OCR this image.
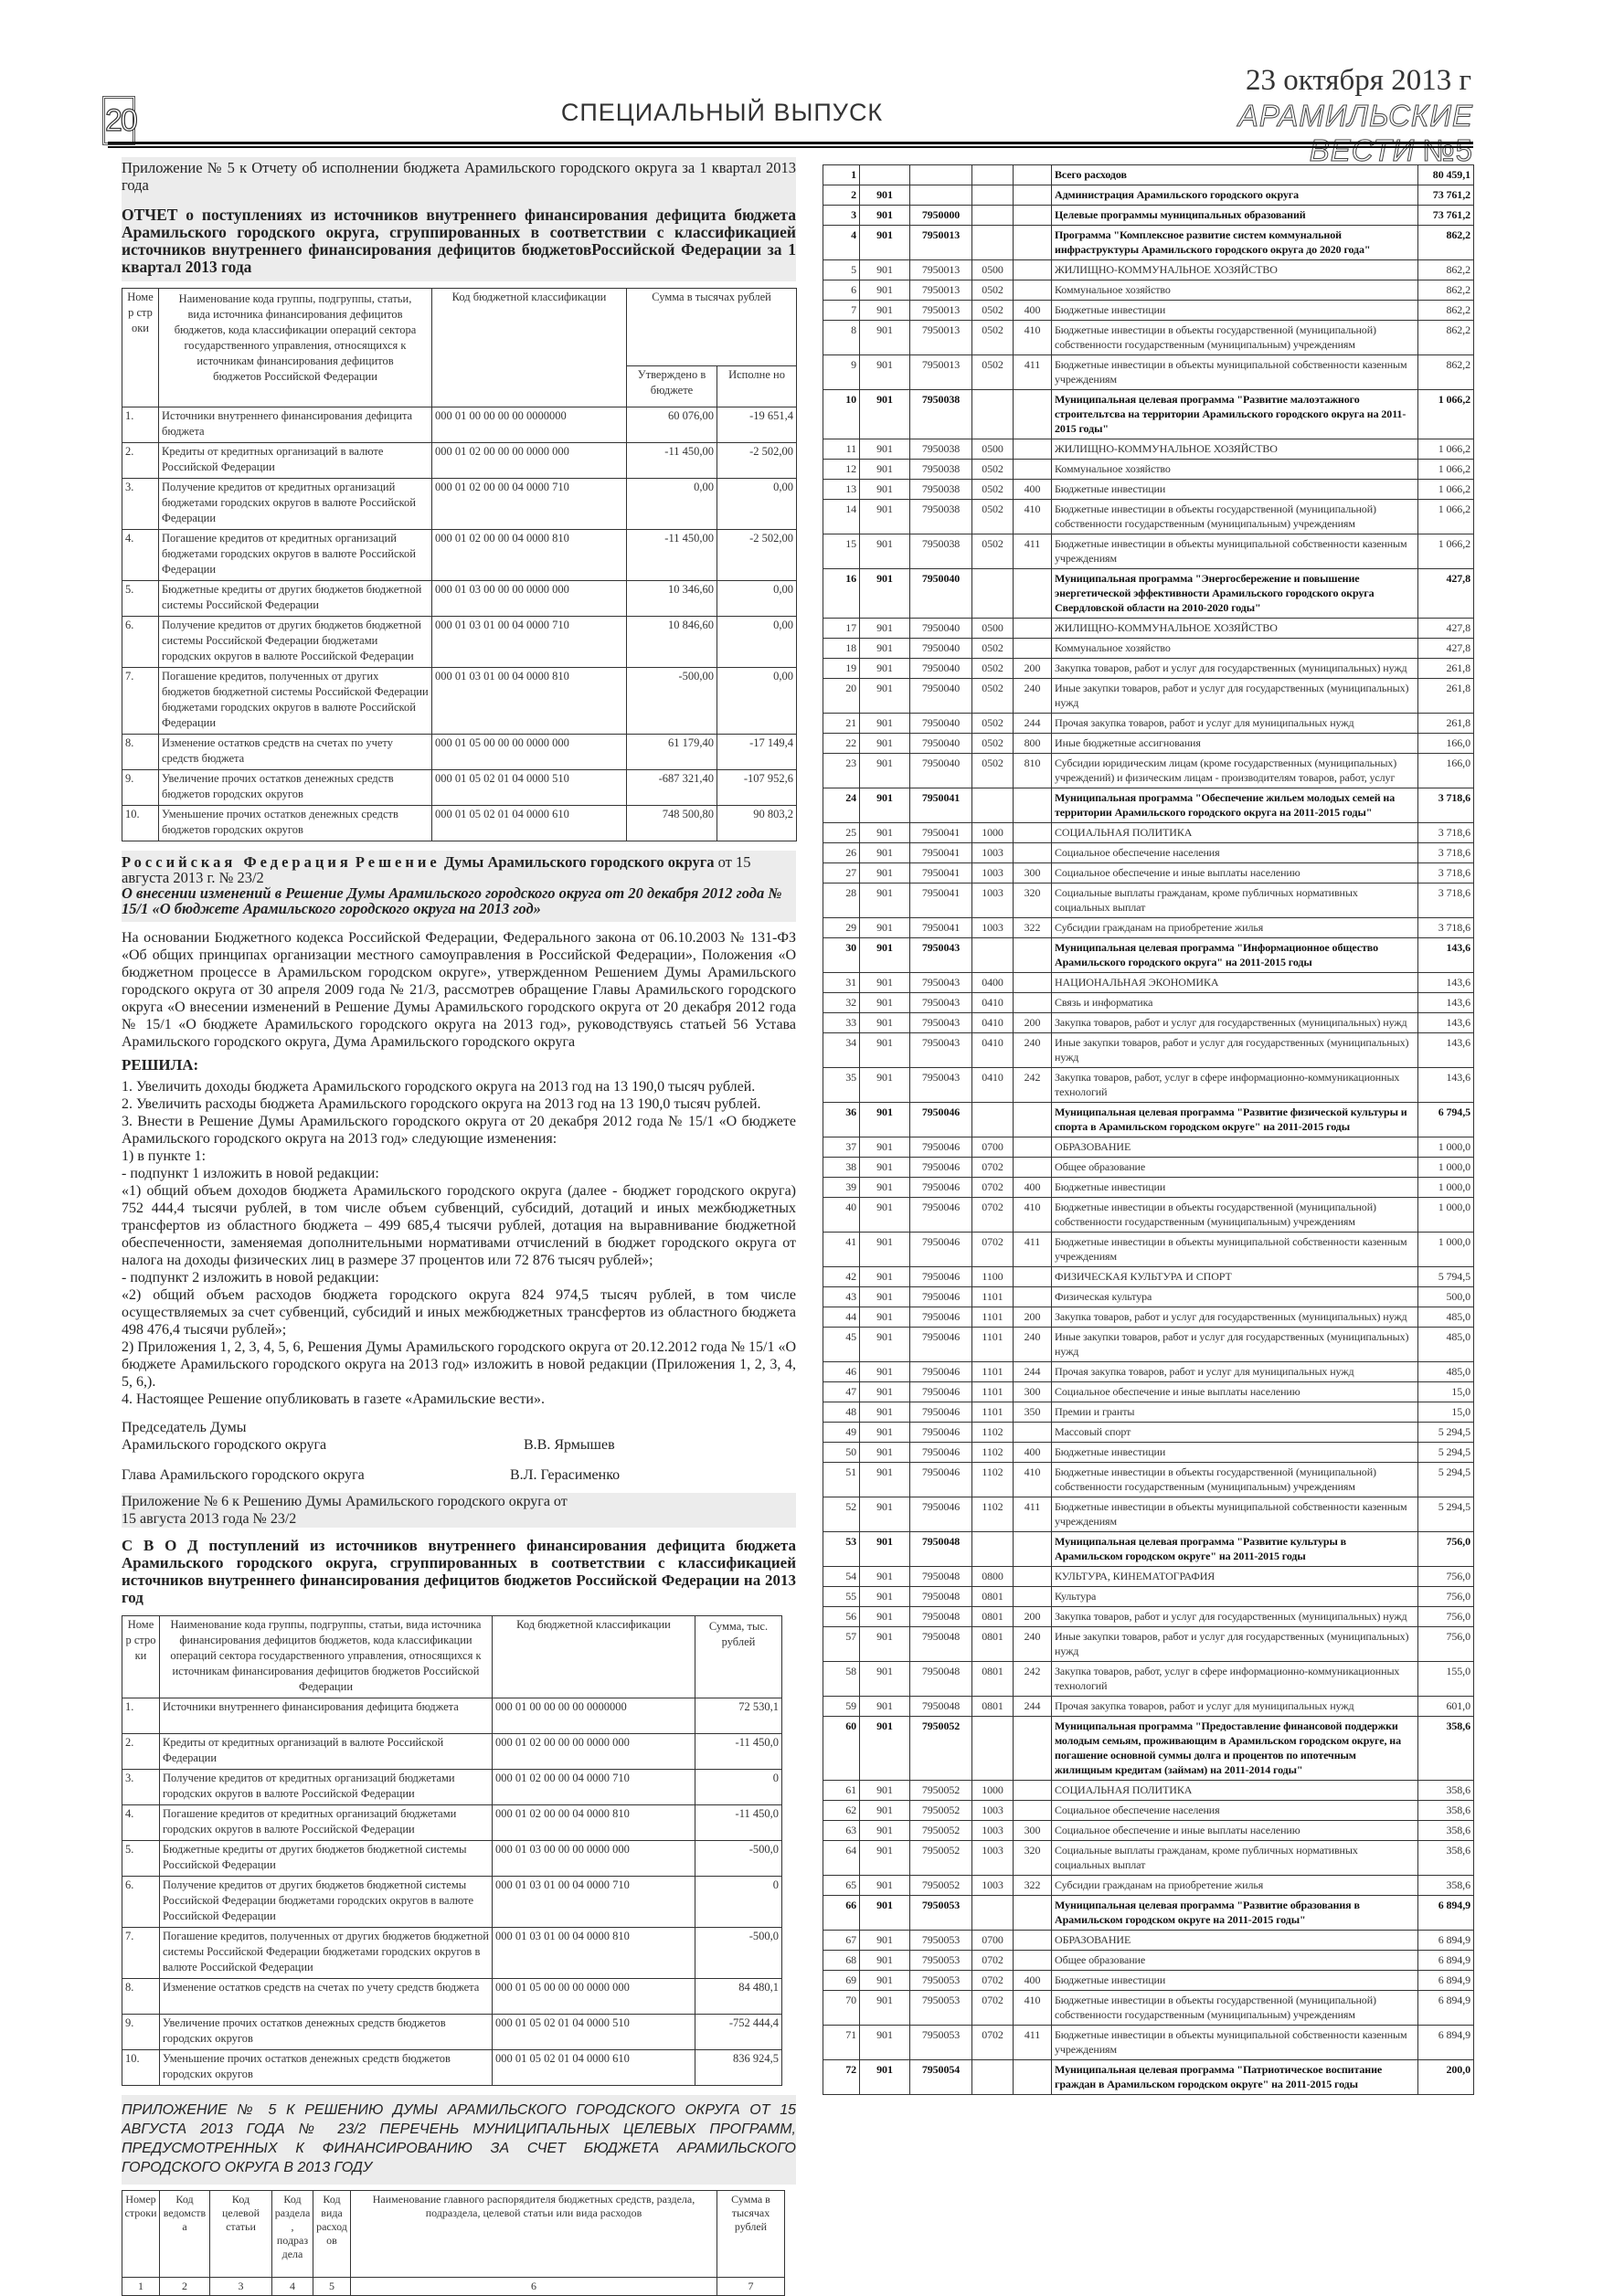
20	СПЕЦИАЛЬНЫЙ ВЫПУСК
23 октября 2013 г
АРАМИЛЬСКИЕ ВЕСТИ №5
Приложение № 5 к Отчету об исполнении бюджета Арамильского городского округа за 1 квартал 2013 года
ОТЧЕТ о поступлениях из источников внутреннего финансирования дефицита бюджета Арамильского городского округа, сгруппированных в соответствии с классификацией источников внутреннего финансирования дефицитов бюджетовРоссийской Федерации за 1 квартал 2013 года
Номер строки	Наименование кода группы, подгруппы, статьи, вида источника финансирования дефицитов бюджетов, кода классификации операций сектора государственного управления, относящихся к источникам финансирования дефицитов бюджетов Российской Федерации	Код бюджетной классификации	Сумма в тысячах рублей	
			Утверждено в бюджете	Исполне но
1.	Источники внутреннего финансирования дефицита бюджета	000 01 00 00 00 00 0000000	60 076,00	-19 651,4
2.	Кредиты от кредитных организаций в валюте Российской Федерации	000 01 02 00 00 00 0000 000	-11 450,00	-2 502,00
3.	Получение кредитов от кредитных организаций бюджетами городских округов в валюте Российской Федерации	000 01 02 00 00 04 0000 710	0,00	0,00
4.	Погашение кредитов от кредитных организаций бюджетами городских округов в валюте Российской Федерации	000 01 02 00 00 04 0000 810	-11 450,00	-2 502,00
5.	Бюджетные кредиты от других бюджетов бюджетной системы Российской Федерации	000 01 03 00 00 00 0000 000	10 346,60	0,00
6.	Получение кредитов от других бюджетов бюджетной системы Российской Федерации бюджетами городских округов в валюте Российской Федерации	000 01 03 01 00 04 0000 710	10 846,60	0,00
7.	Погашение кредитов, полученных от других бюджетов бюджетной системы Российской Федерации бюджетами городских округов в валюте Российской Федерации	000 01 03 01 00 04 0000 810	-500,00	0,00
8.	Изменение остатков средств на счетах по учету средств бюджета	000 01 05 00 00 00 0000 000	61 179,40	-17 149,4
9.	Увеличение прочих остатков денежных средств бюджетов городских округов	000 01 05 02 01 04 0000 510	-687 321,40	-107 952,6
10.	Уменьшение прочих остатков денежных средств бюджетов городских округов	000 01 05 02 01 04 0000 610	748 500,80	90 803,2
Российская Федерация Решение Думы Арамильского городского округа от 15 августа 2013 г. № 23/2
О внесении изменений в Решение Думы Арамильского городского округа от 20 декабря 2012 года № 15/1 «О бюджете Арамильского городского округа на 2013 год»
На основании Бюджетного кодекса Российской Федерации, Федерального закона от 06.10.2003 № 131-ФЗ «Об общих принципах организации местного самоуправления в Российской Федерации», Положения «О бюджетном процессе в Арамильском городском округе», утвержденном Решением Думы Арамильского городского округа от 30 апреля 2009 года № 21/3, рассмотрев обращение Главы Арамильского городского округа «О внесении изменений в Решение Думы Арамильского городского округа от 20 декабря 2012 года № 15/1 «О бюджете Арамильского городского округа на 2013 год», руководствуясь статьей 56 Устава Арамильского городского округа, Дума Арамильского городского округа
РЕШИЛА:
1. Увеличить доходы бюджета Арамильского городского округа на 2013 год на 13 190,0 тысяч рублей.
2. Увеличить расходы бюджета Арамильского городского округа на 2013 год на 13 190,0 тысяч рублей.
3. Внести в Решение Думы Арамильского городского округа от 20 декабря 2012 года № 15/1 «О бюджете Арамильского городского округа на 2013 год» следующие изменения:
1) в пункте 1:
- подпункт 1 изложить в новой редакции:
«1) общий объем доходов бюджета Арамильского городского округа (далее - бюджет городского округа) 752 444,4 тысячи рублей, в том числе объем субвенций, субсидий, дотаций и иных межбюджетных трансфертов из областного бюджета – 499 685,4 тысячи рублей, дотация на выравнивание бюджетной обеспеченности, заменяемая дополнительными нормативами отчислений в бюджет городского округа от налога на доходы физических лиц в размере 37 процентов или 72 876 тысяч рублей»;
- подпункт 2 изложить в новой редакции:
«2) общий объем расходов бюджета городского округа 824 974,5 тысяч рублей, в том числе осуществляемых за счет субвенций, субсидий и иных межбюджетных трансфертов из областного бюджета 498 476,4 тысячи рублей»;
2) Приложения 1, 2, 3, 4, 5, 6, Решения Думы Арамильского городского округа от 20.12.2012 года № 15/1 «О бюджете Арамильского городского округа на 2013 год» изложить в новой редакции (Приложения 1, 2, 3, 4, 5, 6,).
4. Настоящее Решение опубликовать в газете «Арамильские вести».
Председатель Думы
Арамильского городского округа	В.В. Ярмышев
Глава Арамильского городского округа	В.Л. Герасименко
Приложение № 6 к Решению Думы Арамильского городского округа от 15 августа 2013 года № 23/2
С В О Д поступлений из источников внутреннего финансирования дефицита бюджета Арамильского городского округа, сгруппированных в соответствии с классификацией источников внутреннего финансирования дефицитов бюджетов Российской Федерации на 2013 год
Номер строки	Наименование кода группы, подгруппы, статьи, вида источника финансирования дефицитов бюджетов, кода классификации операций сектора государственного управления, относящихся к источникам финансирования дефицитов бюджетов Российской Федерации	Код бюджетной классификации	Сумма, тыс. рублей
1.	Источники внутреннего финансирования дефицита бюджета	000 01 00 00 00 00 0000000	72 530,1
2.	Кредиты от кредитных организаций в валюте Российской Федерации	000 01 02 00 00 00 0000 000	-11 450,0
3.	Получение кредитов от кредитных организаций бюджетами городских округов в валюте Российской Федерации	000 01 02 00 00 04 0000 710	0
4.	Погашение кредитов от кредитных организаций бюджетами городских округов в валюте Российской Федерации	000 01 02 00 00 04 0000 810	-11 450,0
5.	Бюджетные кредиты от других бюджетов бюджетной системы Российской Федерации	000 01 03 00 00 00 0000 000	-500,0
6.	Получение кредитов от других бюджетов бюджетной системы Российской Федерации бюджетами городских округов в валюте Российской Федерации	000 01 03 01 00 04 0000 710	0
7.	Погашение кредитов, полученных от других бюджетов бюджетной системы Российской Федерации бюджетами городских округов в валюте Российской Федерации	000 01 03 01 00 04 0000 810	-500,0
8.	Изменение остатков средств на счетах по учету средств бюджета	000 01 05 00 00 00 0000 000	84 480,1
9.	Увеличение прочих остатков денежных средств бюджетов городских округов	000 01 05 02 01 04 0000 510	-752 444,4
10.	Уменьшение прочих остатков денежных средств бюджетов городских округов	000 01 05 02 01 04 0000 610	836 924,5
ПРИЛОЖЕНИЕ № 5 К РЕШЕНИЮ ДУМЫ АРАМИЛЬСКОГО ГОРОДСКОГО ОКРУГА ОТ 15 АВГУСТА 2013 ГОДА № 23/2 ПЕРЕЧЕНЬ МУНИЦИПАЛЬНЫХ ЦЕЛЕВЫХ ПРОГРАММ, ПРЕДУСМОТРЕННЫХ К ФИНАНСИРОВАНИЮ ЗА СЧЕТ БЮДЖЕТА АРАМИЛЬСКОГО ГОРОДСКОГО ОКРУГА В 2013 ГОДУ
Номер строки	Код ведомства	Код целевой статьи	Код раздела, подраздела	Код вида расходов	Наименование главного распорядителя бюджетных средств, раздела, подраздела, целевой статьи или вида расходов	Сумма в тысячах рублей
1	2	3	4	5	6	7
1					Всего расходов	80 459,1
2	901				Администрация Арамильского городского округа	73 761,2
3	901	7950000			Целевые программы муниципальных образований	73 761,2
4	901	7950013			Программа "Комплексное развитие систем коммунальной инфраструктуры Арамильского городского округа до 2020 года"	862,2
5	901	7950013	0500		ЖИЛИЩНО-КОММУНАЛЬНОЕ ХОЗЯЙСТВО	862,2
6	901	7950013	0502		Коммунальное хозяйство	862,2
7	901	7950013	0502	400	Бюджетные инвестиции	862,2
8	901	7950013	0502	410	Бюджетные инвестиции в объекты государственной (муниципальной) собственности государственным (муниципальным) учреждениям	862,2
9	901	7950013	0502	411	Бюджетные инвестиции в объекты муниципальной собственности казенным учреждениям	862,2
10	901	7950038			Муниципальная целевая программа "Развитие малоэтажного строительтсва на территории Арамильского городского округа на 2011-2015 годы"	1 066,2
11	901	7950038	0500		ЖИЛИЩНО-КОММУНАЛЬНОЕ ХОЗЯЙСТВО	1 066,2
12	901	7950038	0502		Коммунальное хозяйство	1 066,2
13	901	7950038	0502	400	Бюджетные инвестиции	1 066,2
14	901	7950038	0502	410	Бюджетные инвестиции в объекты государственной (муниципальной) собственности государственным (муниципальным) учреждениям	1 066,2
15	901	7950038	0502	411	Бюджетные инвестиции в объекты муниципальной собственности казенным учреждениям	1 066,2
16	901	7950040			Муниципальная программа "Энергосбережение и повышение энергетической эффективности Арамильского городского округа Свердловской области на 2010-2020 годы"	427,8
17	901	7950040	0500		ЖИЛИЩНО-КОММУНАЛЬНОЕ ХОЗЯЙСТВО	427,8
18	901	7950040	0502		Коммунальное хозяйство	427,8
19	901	7950040	0502	200	Закупка товаров, работ и услуг для государственных (муниципальных) нужд	261,8
20	901	7950040	0502	240	Иные закупки товаров, работ и услуг для государственных (муниципальных) нужд	261,8
21	901	7950040	0502	244	Прочая закупка товаров, работ и услуг для муниципальных нужд	261,8
22	901	7950040	0502	800	Иные бюджетные ассигнования	166,0
23	901	7950040	0502	810	Субсидии юридическим лицам (кроме государственных (муниципальных) учреждений) и физическим лицам - производителям товаров, работ, услуг	166,0
24	901	7950041			Муниципальная программа "Обеспечение жильем молодых семей на территории Арамильского городского округа на 2011-2015 годы"	3 718,6
25	901	7950041	1000		СОЦИАЛЬНАЯ ПОЛИТИКА	3 718,6
26	901	7950041	1003		Социальное обеспечение населения	3 718,6
27	901	7950041	1003	300	Социальное обеспечение и иные выплаты населению	3 718,6
28	901	7950041	1003	320	Социальные выплаты гражданам, кроме публичных нормативных социальных выплат	3 718,6
29	901	7950041	1003	322	Субсидии гражданам на приобретение жилья	3 718,6
30	901	7950043			Муниципальная целевая программа "Информационное общество Арамильского городского округа" на 2011-2015 годы	143,6
31	901	7950043	0400		НАЦИОНАЛЬНАЯ ЭКОНОМИКА	143,6
32	901	7950043	0410		Связь и информатика	143,6
33	901	7950043	0410	200	Закупка товаров, работ и услуг для государственных (муниципальных) нужд	143,6
34	901	7950043	0410	240	Иные закупки товаров, работ и услуг для государственных (муниципальных) нужд	143,6
35	901	7950043	0410	242	Закупка товаров, работ, услуг в сфере информационно-коммуникационных технологий	143,6
36	901	7950046			Муниципальная целевая программа "Развитие физической культуры и спорта в Арамильском городском округе" на 2011-2015 годы	6 794,5
37	901	7950046	0700		ОБРАЗОВАНИЕ	1 000,0
38	901	7950046	0702		Общее образование	1 000,0
39	901	7950046	0702	400	Бюджетные инвестиции	1 000,0
40	901	7950046	0702	410	Бюджетные инвестиции в объекты государственной (муниципальной) собственности государственным (муниципальным) учреждениям	1 000,0
41	901	7950046	0702	411	Бюджетные инвестиции в объекты муниципальной собственности казенным учреждениям	1 000,0
42	901	7950046	1100		ФИЗИЧЕСКАЯ КУЛЬТУРА И СПОРТ	5 794,5
43	901	7950046	1101		Физическая культура	500,0
44	901	7950046	1101	200	Закупка товаров, работ и услуг для государственных (муниципальных) нужд	485,0
45	901	7950046	1101	240	Иные закупки товаров, работ и услуг для государственных (муниципальных) нужд	485,0
46	901	7950046	1101	244	Прочая закупка товаров, работ и услуг для муниципальных нужд	485,0
47	901	7950046	1101	300	Социальное обеспечение и иные выплаты населению	15,0
48	901	7950046	1101	350	Премии и гранты	15,0
49	901	7950046	1102		Массовый спорт	5 294,5
50	901	7950046	1102	400	Бюджетные инвестиции	5 294,5
51	901	7950046	1102	410	Бюджетные инвестиции в объекты государственной (муниципальной) собственности государственным (муниципальным) учреждениям	5 294,5
52	901	7950046	1102	411	Бюджетные инвестиции в объекты муниципальной собственности казенным учреждениям	5 294,5
53	901	7950048			Муниципальная целевая программа "Развитие культуры в Арамильском городском округе" на 2011-2015 годы	756,0
54	901	7950048	0800		КУЛЬТУРА, КИНЕМАТОГРАФИЯ	756,0
55	901	7950048	0801		Культура	756,0
56	901	7950048	0801	200	Закупка товаров, работ и услуг для государственных (муниципальных) нужд	756,0
57	901	7950048	0801	240	Иные закупки товаров, работ и услуг для государственных (муниципальных) нужд	756,0
58	901	7950048	0801	242	Закупка товаров, работ, услуг в сфере информационно-коммуникационных технологий	155,0
59	901	7950048	0801	244	Прочая закупка товаров, работ и услуг для муниципальных нужд	601,0
60	901	7950052			Муниципальная программа "Предоставление финансовой поддержки молодым семьям, проживающим в Арамильском городском округе, на погашение основной суммы долга и процентов по ипотечным жилищным кредитам (займам) на 2011-2014 годы"	358,6
61	901	7950052	1000		СОЦИАЛЬНАЯ ПОЛИТИКА	358,6
62	901	7950052	1003		Социальное обеспечение населения	358,6
63	901	7950052	1003	300	Социальное обеспечение и иные выплаты населению	358,6
64	901	7950052	1003	320	Социальные выплаты гражданам, кроме публичных нормативных социальных выплат	358,6
65	901	7950052	1003	322	Субсидии гражданам на приобретение жилья	358,6
66	901	7950053			Муниципальная целевая программа "Развитие образования в Арамильском городском округе на 2011-2015 годы"	6 894,9
67	901	7950053	0700		ОБРАЗОВАНИЕ	6 894,9
68	901	7950053	0702		Общее образование	6 894,9
69	901	7950053	0702	400	Бюджетные инвестиции	6 894,9
70	901	7950053	0702	410	Бюджетные инвестиции в объекты государственной (муниципальной) собственности государственным (муниципальным) учреждениям	6 894,9
71	901	7950053	0702	411	Бюджетные инвестиции в объекты муниципальной собственности казенным учреждениям	6 894,9
72	901	7950054			Муниципальная целевая программа "Патриотическое воспитание граждан в Арамильском городском округе" на 2011-2015 годы	200,0
